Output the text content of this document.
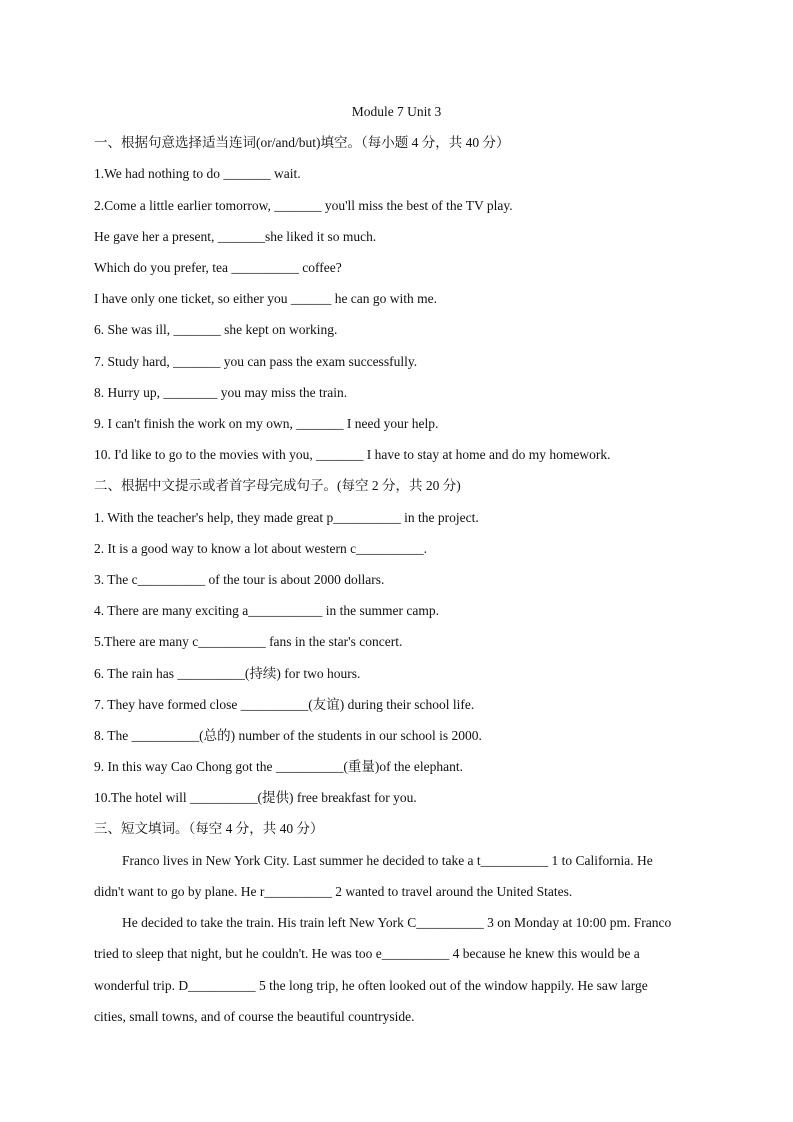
Module 7 Unit 3
一、根据句意选择适当连词(or/and/but)填空。（每小题 4 分，共 40 分）
1.We had nothing to do _______ wait.
2.Come a little earlier tomorrow, _______ you'll miss the best of the TV play.
He gave her a present, _______she liked it so much.
Which do you prefer, tea __________ coffee?
I have only one ticket, so either you ______ he can go with me.
6. She was ill, _______ she kept on working.
7. Study hard, _______ you can pass the exam successfully.
8. Hurry up, ________ you may miss the train.
9. I can't finish the work on my own, _______ I need your help.
10. I'd like to go to the movies with you, _______ I have to stay at home and do my homework.
二、根据中文提示或者首字母完成句子。(每空 2 分，共 20 分)
1. With the teacher's help, they made great p__________ in the project.
2. It is a good way to know a lot about western c__________.
3. The c__________ of the tour is about 2000 dollars.
4. There are many exciting a___________ in the summer camp.
5.There are many c__________ fans in the star's concert.
6. The rain has __________(持续) for two hours.
7. They have formed close __________(友谊) during their school life.
8. The __________(总的) number of the students in our school is 2000.
9. In this way Cao Chong got the __________(重量)of the elephant.
10.The hotel will __________(提供) free breakfast for you.
三、短文填词。（每空 4 分，共 40 分）
Franco lives in New York City. Last summer he decided to take a t__________ 1 to California. He
didn't want to go by plane. He r__________ 2 wanted to travel around the United States.
He decided to take the train. His train left New York C__________ 3 on Monday at 10:00 pm. Franco
tried to sleep that night, but he couldn't. He was too e__________ 4 because he knew this would be a
wonderful trip. D__________ 5 the long trip, he often looked out of the window happily. He saw large
cities, small towns, and of course the beautiful countryside.
